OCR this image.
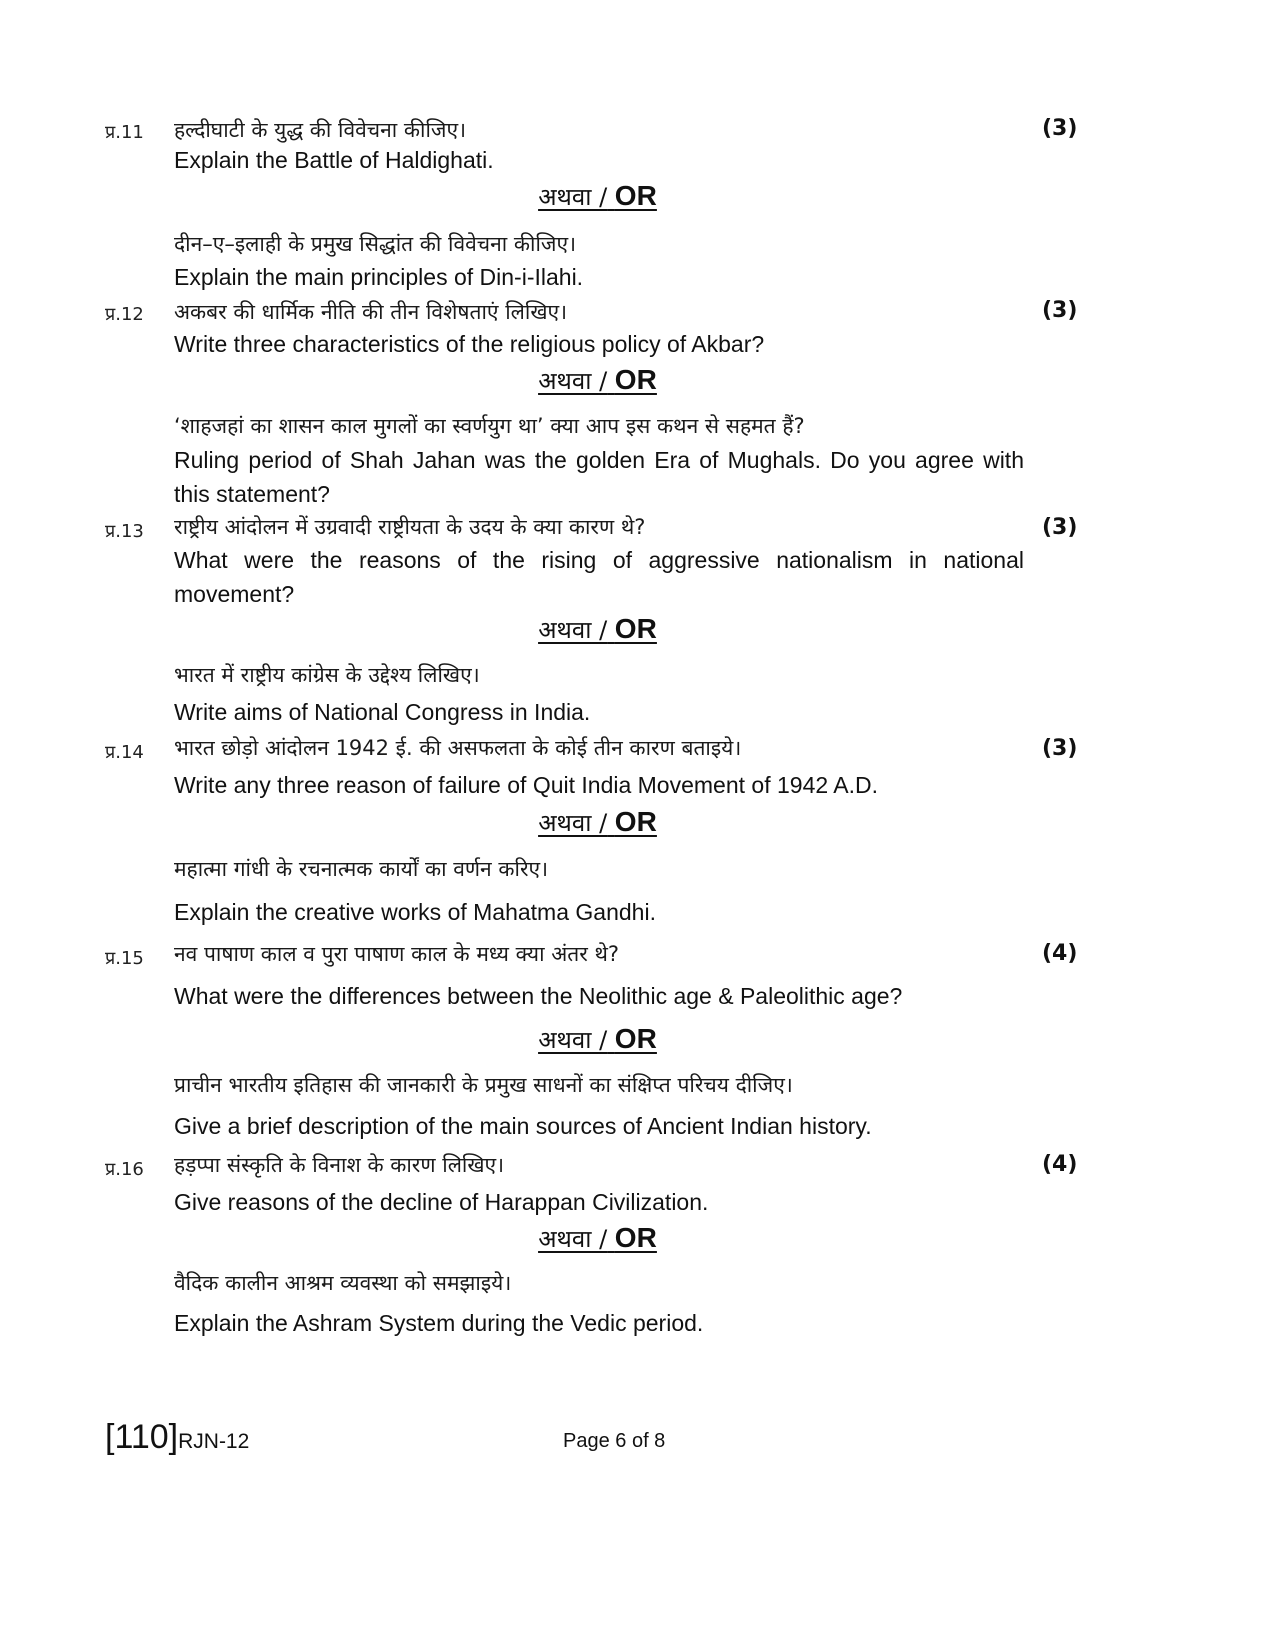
प्र.11	(3)
हल्दीघाटी के युद्ध की विवेचना कीजिए।
Explain the Battle of Haldighati.
अथवा / OR
दीन–ए–इलाही के प्रमुख सिद्धांत की विवेचना कीजिए।
Explain the main principles of Din-i-Ilahi.
प्र.12	(3)
अकबर की धार्मिक नीति की तीन विशेषताएं लिखिए।
Write three characteristics of the religious policy of Akbar?
अथवा / OR
‘शाहजहां का शासन काल मुगलों का स्वर्णयुग था’ क्या आप इस कथन से सहमत हैं?
Ruling period of Shah Jahan was the golden Era of Mughals. Do you agree with this statement?
प्र.13	(3)
राष्ट्रीय आंदोलन में उग्रवादी राष्ट्रीयता के उदय के क्या कारण थे?
What were the reasons of the rising of aggressive nationalism in national movement?
अथवा / OR
भारत में राष्ट्रीय कांग्रेस के उद्देश्य लिखिए।
Write aims of National Congress in India.
प्र.14	(3)
भारत छोड़ो आंदोलन 1942 ई. की असफलता के कोई तीन कारण बताइये।
Write any three reason of failure of Quit India Movement of 1942 A.D.
अथवा / OR
महात्मा गांधी के रचनात्मक कार्यों का वर्णन करिए।
Explain the creative works of Mahatma Gandhi.
प्र.15	(4)
नव पाषाण काल व पुरा पाषाण काल के मध्य क्या अंतर थे?
What were the differences between the Neolithic age & Paleolithic age?
अथवा / OR
प्राचीन भारतीय इतिहास की जानकारी के प्रमुख साधनों का संक्षिप्त परिचय दीजिए।
Give a brief description of the main sources of Ancient Indian history.
प्र.16	(4)
हड़प्पा संस्कृति के विनाश के कारण लिखिए।
Give reasons of the decline of Harappan Civilization.
अथवा / OR
वैदिक कालीन आश्रम व्यवस्था को समझाइये।
Explain the Ashram System during the Vedic period.
[110]RJN-12	Page 6 of 8
